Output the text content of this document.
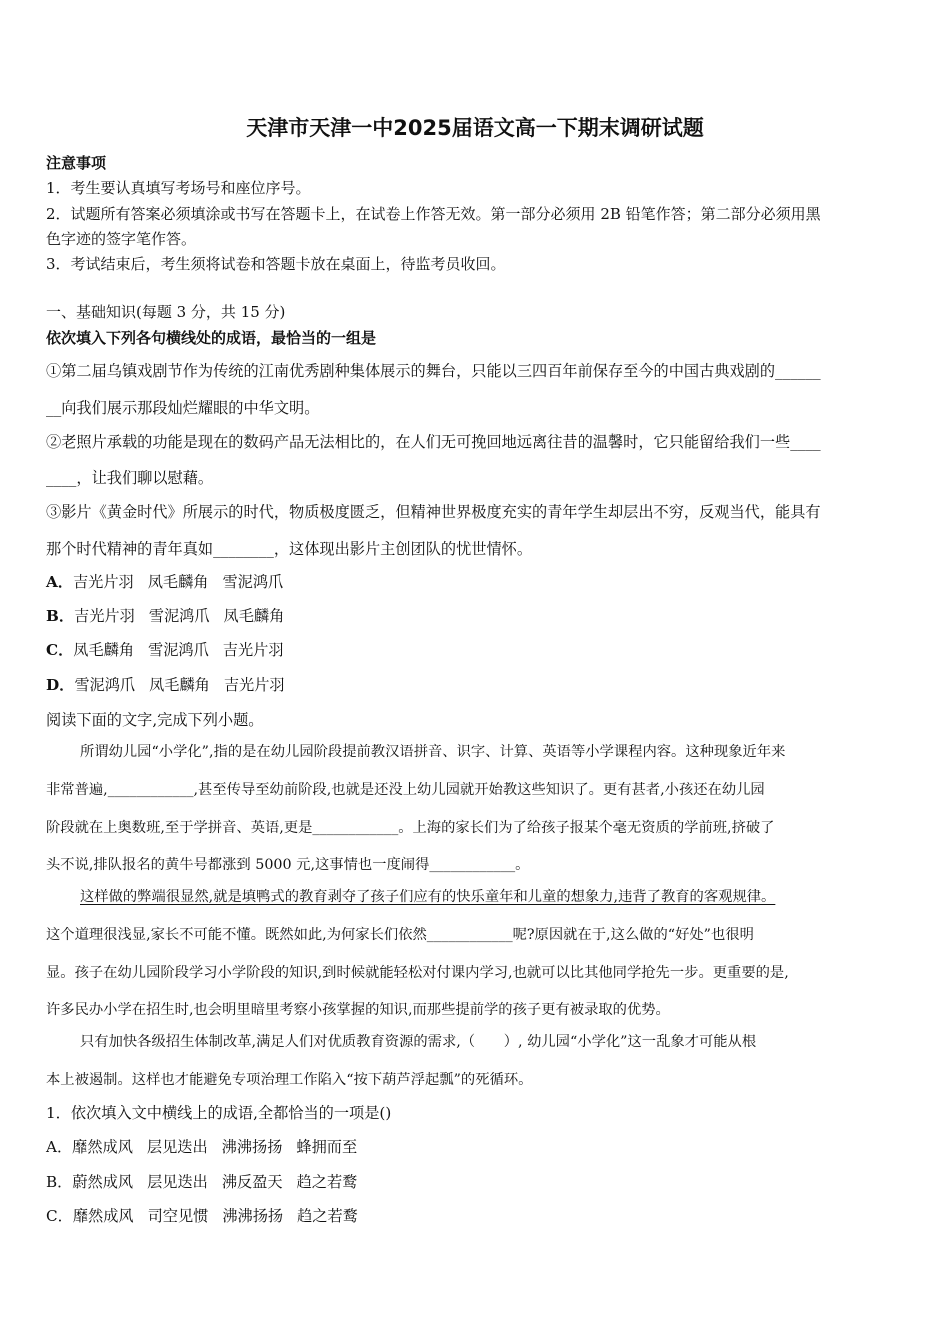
天津市天津一中2025届语文高一下期末调研试题
注意事项
1．考生要认真填写考场号和座位序号。
2．试题所有答案必须填涂或书写在答题卡上，在试卷上作答无效。第一部分必须用 2B 铅笔作答；第二部分必须用黑
色字迹的签字笔作答。
3．考试结束后，考生须将试卷和答题卡放在桌面上，待监考员收回。
一、基础知识(每题 3 分，共 15 分)
依次填入下列各句横线处的成语，最恰当的一组是
①第二届乌镇戏剧节作为传统的江南优秀剧种集体展示的舞台，只能以三四百年前保存至今的中国古典戏剧的______
__向我们展示那段灿烂耀眼的中华文明。
②老照片承载的功能是现在的数码产品无法相比的，在人们无可挽回地远离往昔的温馨时，它只能留给我们一些____
____，让我们聊以慰藉。
③影片《黄金时代》所展示的时代，物质极度匮乏，但精神世界极度充实的青年学生却层出不穷，反观当代，能具有
那个时代精神的青年真如________，这体现出影片主创团队的忧世情怀。
A．吉光片羽 凤毛麟角 雪泥鸿爪
B．吉光片羽 雪泥鸿爪 凤毛麟角
C．凤毛麟角 雪泥鸿爪 吉光片羽
D．雪泥鸿爪 凤毛麟角 吉光片羽
阅读下面的文字,完成下列小题。
所谓幼儿园“小学化”,指的是在幼儿园阶段提前教汉语拼音、识字、计算、英语等小学课程内容。这种现象近年来
非常普遍,____________,甚至传导至幼前阶段,也就是还没上幼儿园就开始教这些知识了。更有甚者,小孩还在幼儿园
阶段就在上奥数班,至于学拼音、英语,更是____________。上海的家长们为了给孩子报某个毫无资质的学前班,挤破了
头不说,排队报名的黄牛号都涨到 5000 元,这事情也一度闹得____________。
这样做的弊端很显然,就是填鸭式的教育剥夺了孩子们应有的快乐童年和儿童的想象力,违背了教育的客观规律。
这个道理很浅显,家长不可能不懂。既然如此,为何家长们依然____________呢?原因就在于,这么做的“好处”也很明
显。孩子在幼儿园阶段学习小学阶段的知识,到时候就能轻松对付课内学习,也就可以比其他同学抢先一步。更重要的是,
许多民办小学在招生时,也会明里暗里考察小孩掌握的知识,而那些提前学的孩子更有被录取的优势。
只有加快各级招生体制改革,满足人们对优质教育资源的需求,（　　）, 幼儿园“小学化”这一乱象才可能从根
本上被遏制。这样也才能避免专项治理工作陷入“按下葫芦浮起瓢”的死循环。
1．依次填入文中横线上的成语,全都恰当的一项是()
A．靡然成风 层见迭出 沸沸扬扬 蜂拥而至
B．蔚然成风 层见迭出 沸反盈天 趋之若鹜
C．靡然成风 司空见惯 沸沸扬扬 趋之若鹜
